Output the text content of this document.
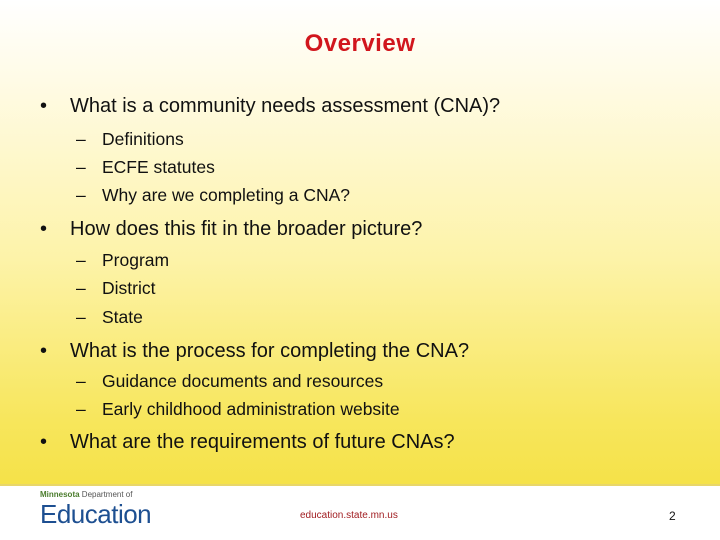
Overview
• What is a community needs assessment (CNA)?
– Definitions
– ECFE statutes
– Why are we completing a CNA?
• How does this fit in the broader picture?
– Program
– District
– State
• What is the process for completing the CNA?
– Guidance documents and resources
– Early childhood administration website
• What are the requirements of future CNAs?
Minnesota Department of
Education	education.state.mn.us	2
